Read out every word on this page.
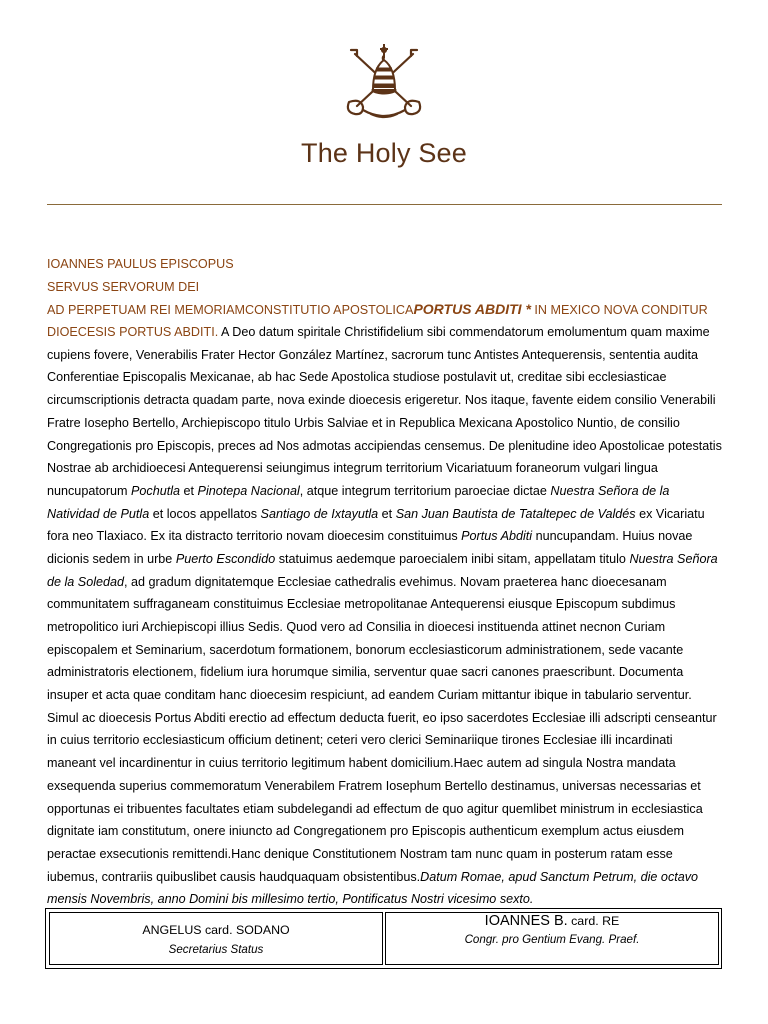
The Holy See
IOANNES PAULUS EPISCOPUS
SERVUS SERVORUM DEI
AD PERPETUAM REI MEMORIAMCONSTITUTIO APOSTOLICAPORTUS ABDITI * IN MEXICO NOVA CONDITUR
DIOECESIS PORTUS ABDITI. A Deo datum spiritale Christifidelium sibi commendatorum emolumentum quam maxime
cupiens fovere, Venerabilis Frater Hector González Martínez, sacrorum tunc Antistes Antequerensis, sententia audita
Conferentiae Episcopalis Mexicanae, ab hac Sede Apostolica studiose postulavit ut, creditae sibi ecclesiasticae
circumscriptionis detracta quadam parte, nova exinde dioecesis erigeretur. Nos itaque, favente eidem consilio Venerabili
Fratre Iosepho Bertello, Archiepiscopo titulo Urbis Salviae et in Republica Mexicana Apostolico Nuntio, de consilio
Congregationis pro Episcopis, preces ad Nos admotas accipiendas censemus. De plenitudine ideo Apostolicae potestatis
Nostrae ab archidioecesi Antequerensi seiungimus integrum territorium Vicariatuum foraneorum vulgari lingua
nuncupatorum Pochutla et Pinotepa Nacional, atque integrum territorium paroeciae dictae Nuestra Señora de la
Natividad de Putla et locos appellatos Santiago de Ixtayutla et San Juan Bautista de Tataltepec de Valdés ex Vicariatu
fora neo Tlaxiaco. Ex ita distracto territorio novam dioecesim constituimus Portus Abditi nuncupandam. Huius novae
dicionis sedem in urbe Puerto Escondido statuimus aedemque paroecialem inibi sitam, appellatam titulo Nuestra Señora
de la Soledad, ad gradum dignitatemque Ecclesiae cathedralis evehimus. Novam praeterea hanc dioecesanam
communitatem suffraganeam constituimus Ecclesiae metropolitanae Antequerensi eiusque Episcopum subdimus
metropolitico iuri Archiepiscopi illius Sedis. Quod vero ad Consilia in dioecesi instituenda attinet necnon Curiam
episcopalem et Seminarium, sacerdotum formationem, bonorum ecclesiasticorum administrationem, sede vacante
administratoris electionem, fidelium iura horumque similia, serventur quae sacri canones praescribunt. Documenta
insuper et acta quae conditam hanc dioecesim respiciunt, ad eandem Curiam mittantur ibique in tabulario serventur.
Simul ac dioecesis Portus Abditi erectio ad effectum deducta fuerit, eo ipso sacerdotes Ecclesiae illi adscripti censeantur
in cuius territorio ecclesiasticum officium detinent; ceteri vero clerici Seminariique tirones Ecclesiae illi incardinati
maneant vel incardinentur in cuius territorio legitimum habent domicilium.Haec autem ad singula Nostra mandata
exsequenda superius commemoratum Venerabilem Fratrem Iosephum Bertello destinamus, universas necessarias et
opportunas ei tribuentes facultates etiam subdelegandi ad effectum de quo agitur quemlibet ministrum in ecclesiastica
dignitate iam constitutum, onere iniuncto ad Congregationem pro Episcopis authenticum exemplum actus eiusdem
peractae exsecutionis remittendi.Hanc denique Constitutionem Nostram tam nunc quam in posterum ratam esse
iubemus, contrariis quibuslibet causis haudquaquam obsistentibus.Datum Romae, apud Sanctum Petrum, die octavo
mensis Novembris, anno Domini bis millesimo tertio, Pontificatus Nostri vicesimo sexto.
ANGELUS card. SODANO
Secretarius Status
IOANNES B. card. RE
Congr. pro Gentium Evang. Praef.
